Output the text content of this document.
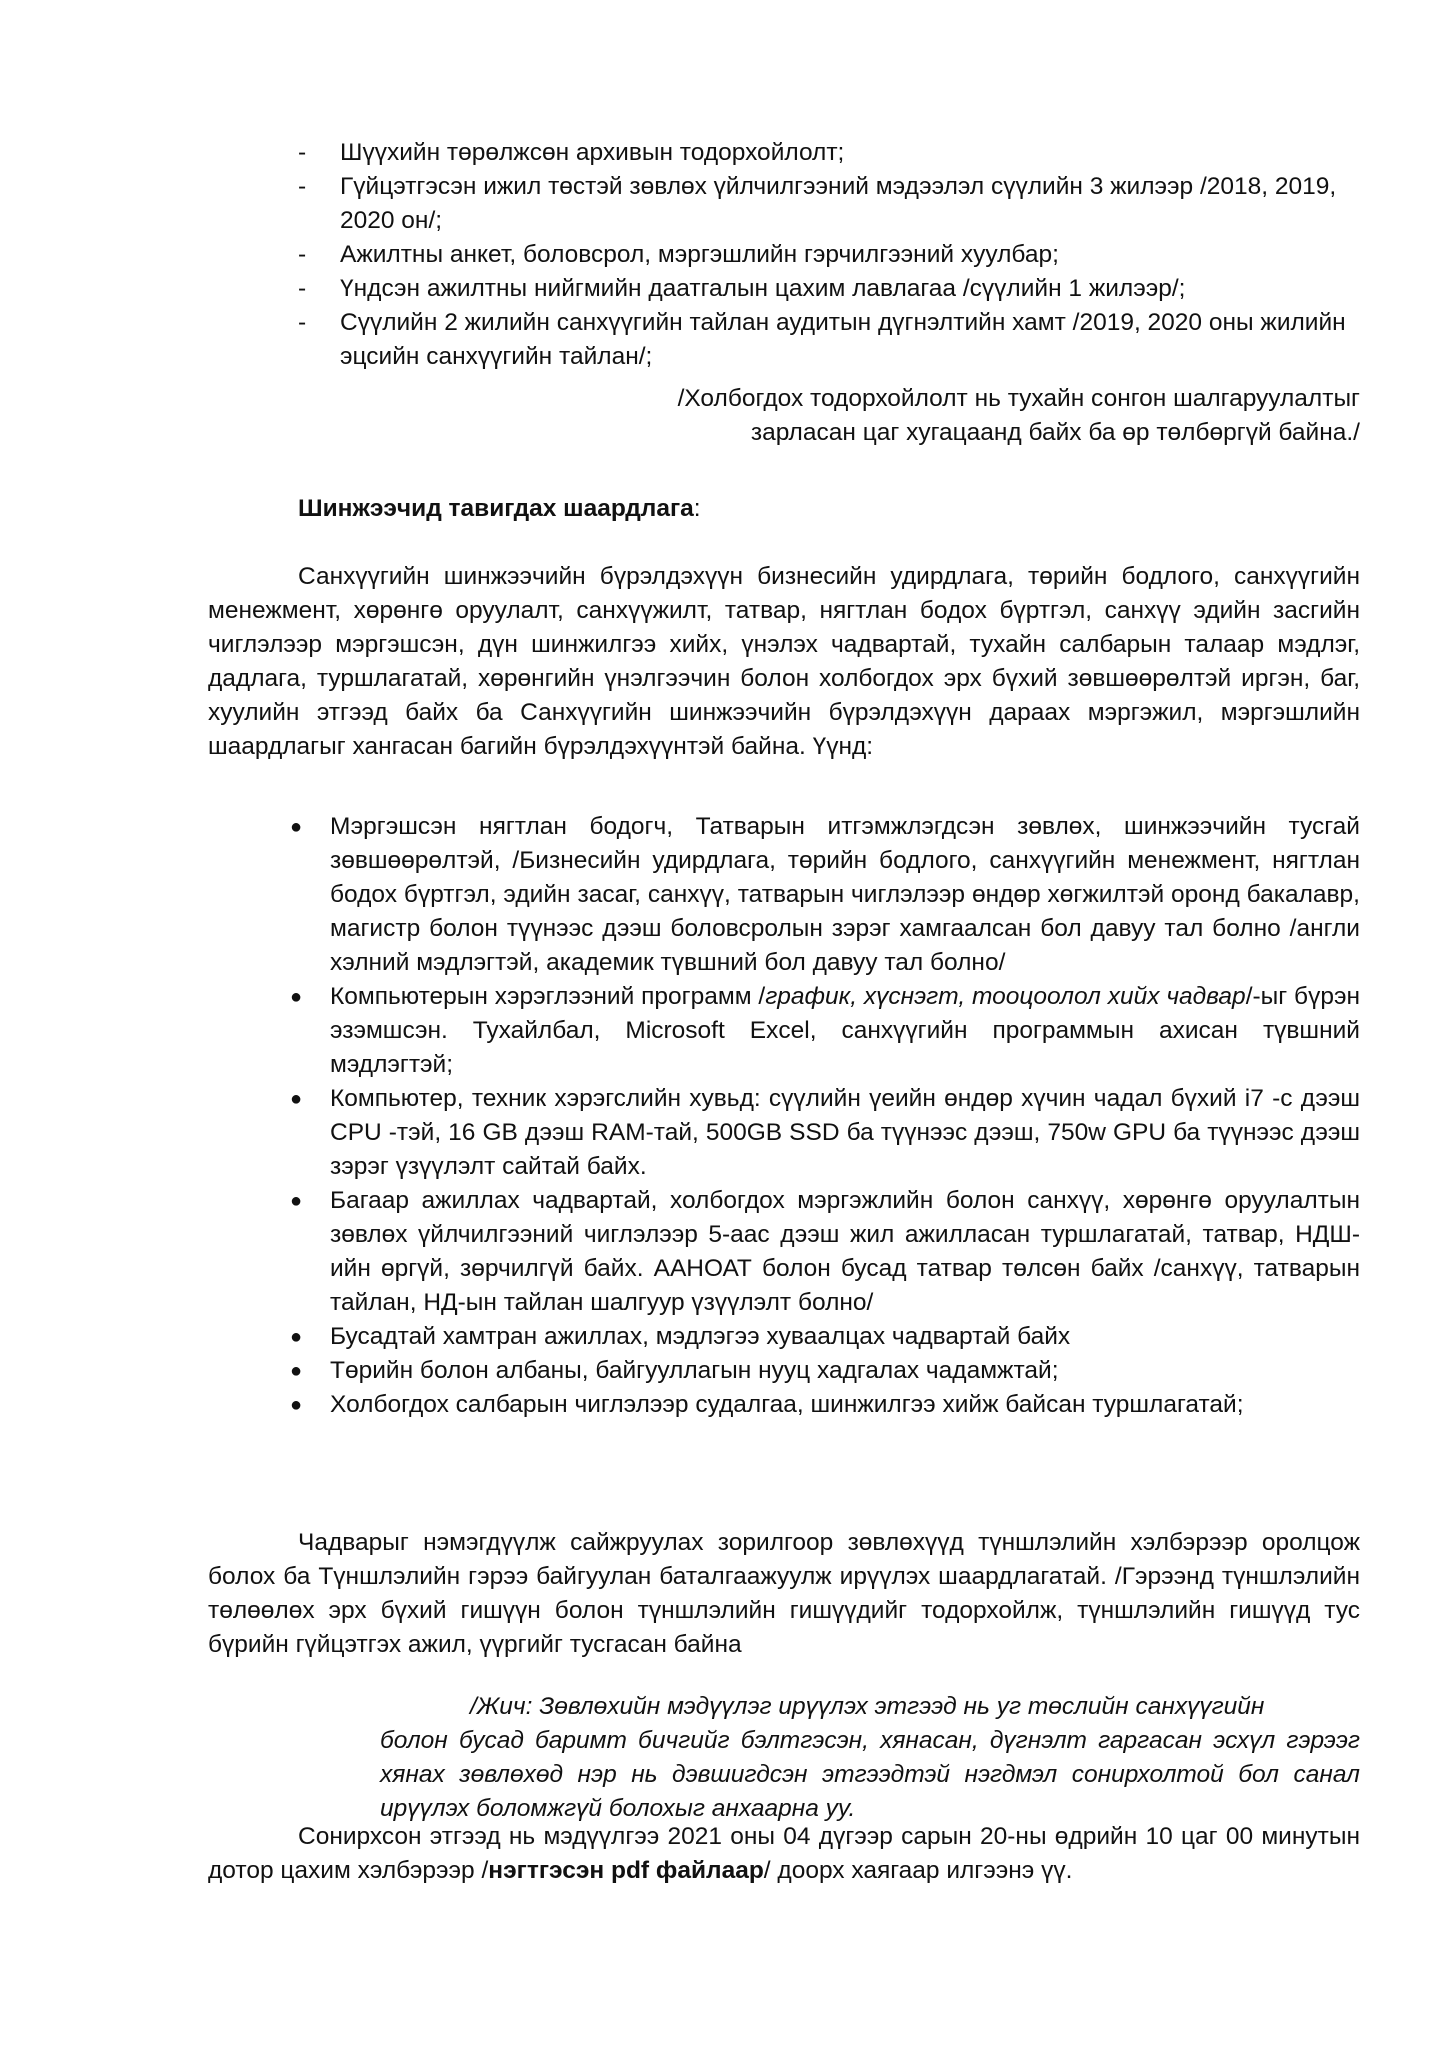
- Шүүхийн төрөлжсөн архивын тодорхойлолт;
- Гүйцэтгэсэн ижил төстэй зөвлөх үйлчилгээний мэдээлэл сүүлийн 3 жилээр /2018, 2019, 2020 он/;
- Ажилтны анкет, боловсрол, мэргэшлийн гэрчилгээний хуулбар;
- Үндсэн ажилтны нийгмийн даатгалын цахим лавлагаа /сүүлийн 1 жилээр/;
- Сүүлийн 2 жилийн санхүүгийн тайлан аудитын дүгнэлтийн хамт /2019, 2020 оны жилийн эцсийн санхүүгийн тайлан/;

/Холбогдох тодорхойлолт нь тухайн сонгон шалгаруулалтыг
зарласан цаг хугацаанд байх ба өр төлбөргүй байна./

Шинжээчид тавигдах шаардлага:

Санхүүгийн шинжээчийн бүрэлдэхүүн бизнесийн удирдлага, төрийн бодлого, санхүүгийн менежмент, хөрөнгө оруулалт, санхүүжилт, татвар, нягтлан бодох бүртгэл, санхүү эдийн засгийн чиглэлээр мэргэшсэн, дүн шинжилгээ хийх, үнэлэх чадвартай, тухайн салбарын талаар мэдлэг, дадлага, туршлагатай, хөрөнгийн үнэлгээчин болон холбогдох эрх бүхий зөвшөөрөлтэй иргэн, баг, хуулийн этгээд байх ба Санхүүгийн шинжээчийн бүрэлдэхүүн дараах мэргэжил, мэргэшлийн шаардлагыг хангасан багийн бүрэлдэхүүнтэй байна. Үүнд:

● Мэргэшсэн нягтлан бодогч, Татварын итгэмжлэгдсэн зөвлөх, шинжээчийн тусгай зөвшөөрөлтэй, /Бизнесийн удирдлага, төрийн бодлого, санхүүгийн менежмент, нягтлан бодох бүртгэл, эдийн засаг, санхүү, татварын чиглэлээр өндөр хөгжилтэй оронд бакалавр, магистр болон түүнээс дээш боловсролын зэрэг хамгаалсан бол давуу тал болно /англи хэлний мэдлэгтэй, академик түвшний бол давуу тал болно/
● Компьютерын хэрэглээний программ /график, хүснэгт, тооцоолол хийх чадвар/-ыг бүрэн эзэмшсэн. Тухайлбал, Microsoft Excel, санхүүгийн программын ахисан түвшний мэдлэгтэй;
● Компьютер, техник хэрэгслийн хувьд: сүүлийн үеийн өндөр хүчин чадал бүхий i7 -с дээш CPU -тэй, 16 GB дээш RAM-тай, 500GB SSD ба түүнээс дээш, 750w GPU ба түүнээс дээш зэрэг үзүүлэлт сайтай байх.
● Багаар ажиллах чадвартай, холбогдох мэргэжлийн болон санхүү, хөрөнгө оруулалтын зөвлөх үйлчилгээний чиглэлээр 5-аас дээш жил ажилласан туршлагатай, татвар, НДШ-ийн өргүй, зөрчилгүй байх. ААНОАТ болон бусад татвар төлсөн байх /санхүү, татварын тайлан, НД-ын тайлан шалгуур үзүүлэлт болно/
● Бусадтай хамтран ажиллах, мэдлэгээ хуваалцах чадвартай байх
● Төрийн болон албаны, байгууллагын нууц хадгалах чадамжтай;
● Холбогдох салбарын чиглэлээр судалгаа, шинжилгээ хийж байсан туршлагатай;

Чадварыг нэмэгдүүлж сайжруулах зорилгоор зөвлөхүүд түншлэлийн хэлбэрээр оролцож болох ба Түншлэлийн гэрээ байгуулан баталгаажуулж ирүүлэх шаардлагатай. /Гэрээнд түншлэлийн төлөөлөх эрх бүхий гишүүн болон түншлэлийн гишүүдийг тодорхойлж, түншлэлийн гишүүд тус бүрийн гүйцэтгэх ажил, үүргийг тусгасан байна

/Жич: Зөвлөхийн мэдүүлэг ирүүлэх этгээд нь уг төслийн санхүүгийн
болон бусад баримт бичгийг бэлтгэсэн, хянасан, дүгнэлт гаргасан эсхүл гэрээг хянах зөвлөхөд нэр нь дэвшигдсэн этгээдтэй нэгдмэл сонирхолтой бол санал ирүүлэх боломжгүй болохыг анхаарна уу.

Сонирхсон этгээд нь мэдүүлгээ 2021 оны 04 дүгээр сарын 20-ны өдрийн 10 цаг 00 минутын дотор цахим хэлбэрээр /нэгтгэсэн pdf файлаар/ доорх хаягаар илгээнэ үү.
